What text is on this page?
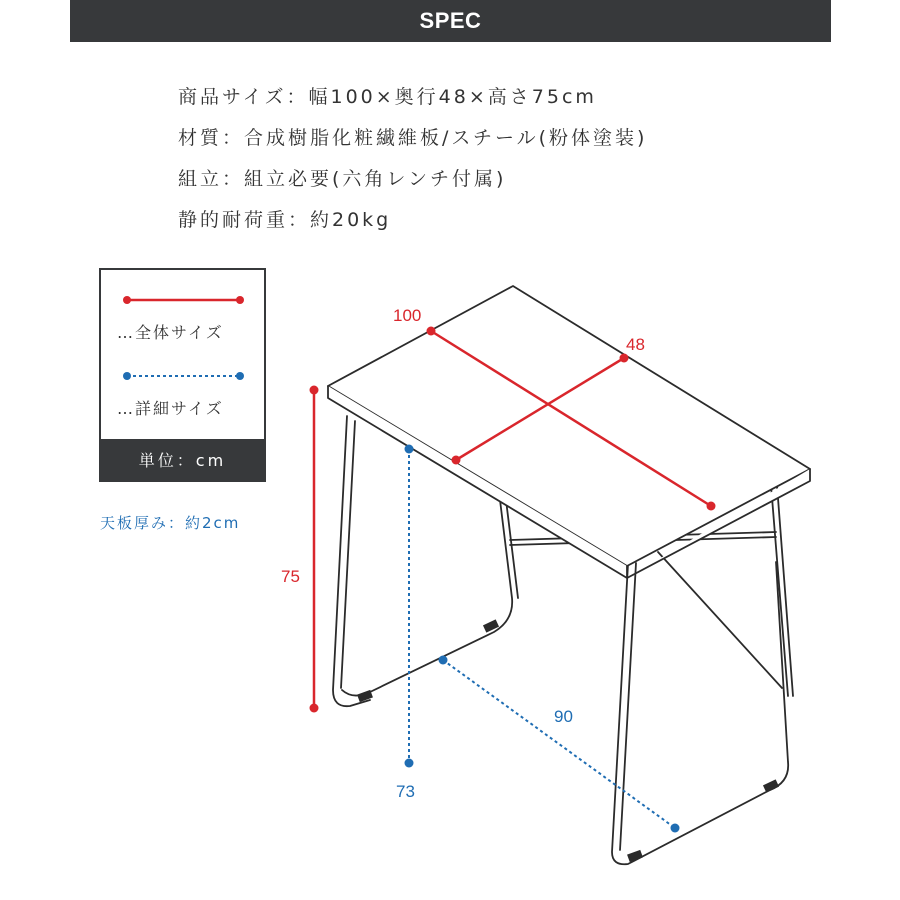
SPEC
商品サイズ：幅100×奥行48×高さ75cm
材質：合成樹脂化粧繊維板/スチール(粉体塗装)
組立：組立必要(六角レンチ付属)
静的耐荷重：約20kg
…全体サイズ
…詳細サイズ
単位：cm
天板厚み：約2cm
100
48
75
73
90
